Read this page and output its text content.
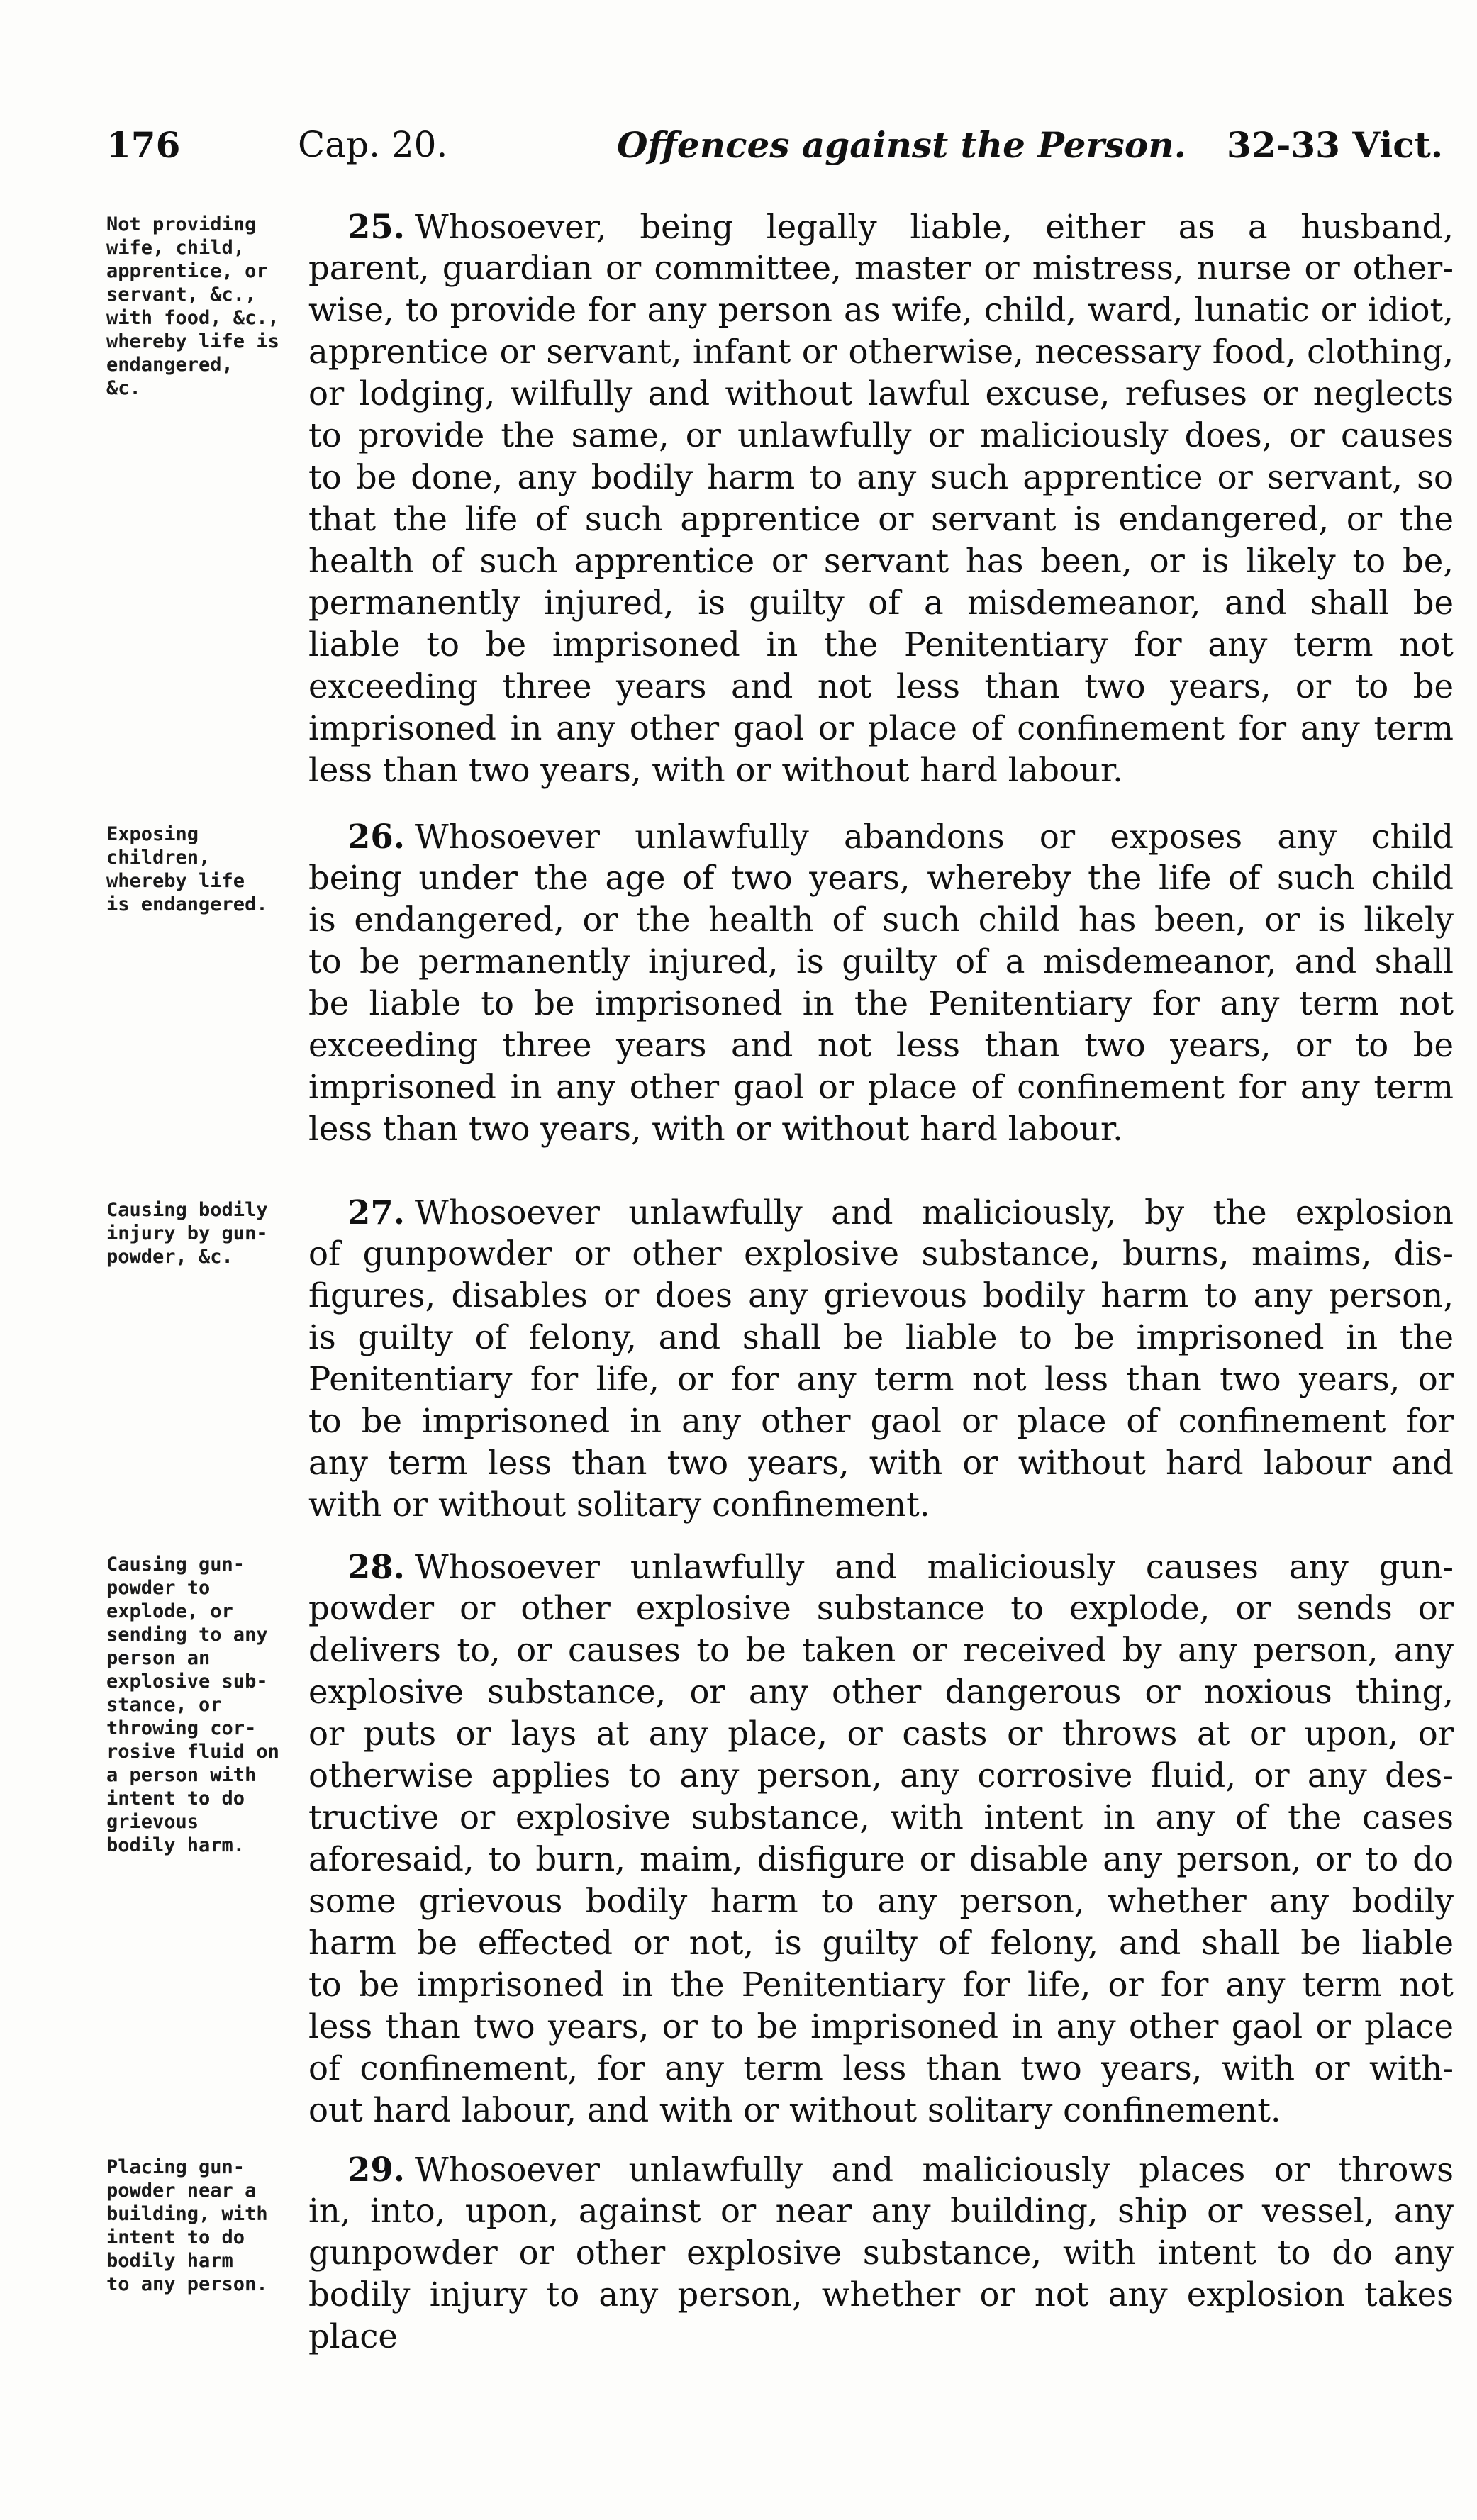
176	Cap. 20.	Offences against the Person. 32-33 Vict.
Not providing
wife, child,
apprentice, or
servant, &c.,
with food, &c.,
whereby life is
endangered,
&c.
25. Whosoever, being legally liable, either as a husband,
parent, guardian or committee, master or mistress, nurse or other-
wise, to provide for any person as wife, child, ward, lunatic or idiot,
apprentice or servant, infant or otherwise, necessary food, clothing,
or lodging, wilfully and without lawful excuse, refuses or neglects
to provide the same, or unlawfully or maliciously does, or causes
to be done, any bodily harm to any such apprentice or servant, so
that the life of such apprentice or servant is endangered, or the
health of such apprentice or servant has been, or is likely to be,
permanently injured, is guilty of a misdemeanor, and shall be
liable to be imprisoned in the Penitentiary for any term not
exceeding three years and not less than two years, or to be
imprisoned in any other gaol or place of confinement for any term
less than two years, with or without hard labour.
Exposing
children,
whereby life
is endangered.
26. Whosoever unlawfully abandons or exposes any child
being under the age of two years, whereby the life of such child
is endangered, or the health of such child has been, or is likely
to be permanently injured, is guilty of a misdemeanor, and shall
be liable to be imprisoned in the Penitentiary for any term not
exceeding three years and not less than two years, or to be
imprisoned in any other gaol or place of confinement for any term
less than two years, with or without hard labour.
Causing bodily
injury by gun-
powder, &c.
27. Whosoever unlawfully and maliciously, by the explosion
of gunpowder or other explosive substance, burns, maims, dis-
figures, disables or does any grievous bodily harm to any person,
is guilty of felony, and shall be liable to be imprisoned in the
Penitentiary for life, or for any term not less than two years, or
to be imprisoned in any other gaol or place of confinement for
any term less than two years, with or without hard labour and
with or without solitary confinement.
Causing gun-
powder to
explode, or
sending to any
person an
explosive sub-
stance, or
throwing cor-
rosive fluid on
a person with
intent to do
grievous
bodily harm.
28. Whosoever unlawfully and maliciously causes any gun-
powder or other explosive substance to explode, or sends or
delivers to, or causes to be taken or received by any person, any
explosive substance, or any other dangerous or noxious thing,
or puts or lays at any place, or casts or throws at or upon, or
otherwise applies to any person, any corrosive fluid, or any des-
tructive or explosive substance, with intent in any of the cases
aforesaid, to burn, maim, disfigure or disable any person, or to do
some grievous bodily harm to any person, whether any bodily
harm be effected or not, is guilty of felony, and shall be liable
to be imprisoned in the Penitentiary for life, or for any term not
less than two years, or to be imprisoned in any other gaol or place
of confinement, for any term less than two years, with or with-
out hard labour, and with or without solitary confinement.
Placing gun-
powder near a
building, with
intent to do
bodily harm
to any person.
29. Whosoever unlawfully and maliciously places or throws
in, into, upon, against or near any building, ship or vessel, any
gunpowder or other explosive substance, with intent to do any
bodily injury to any person, whether or not any explosion takes
place
